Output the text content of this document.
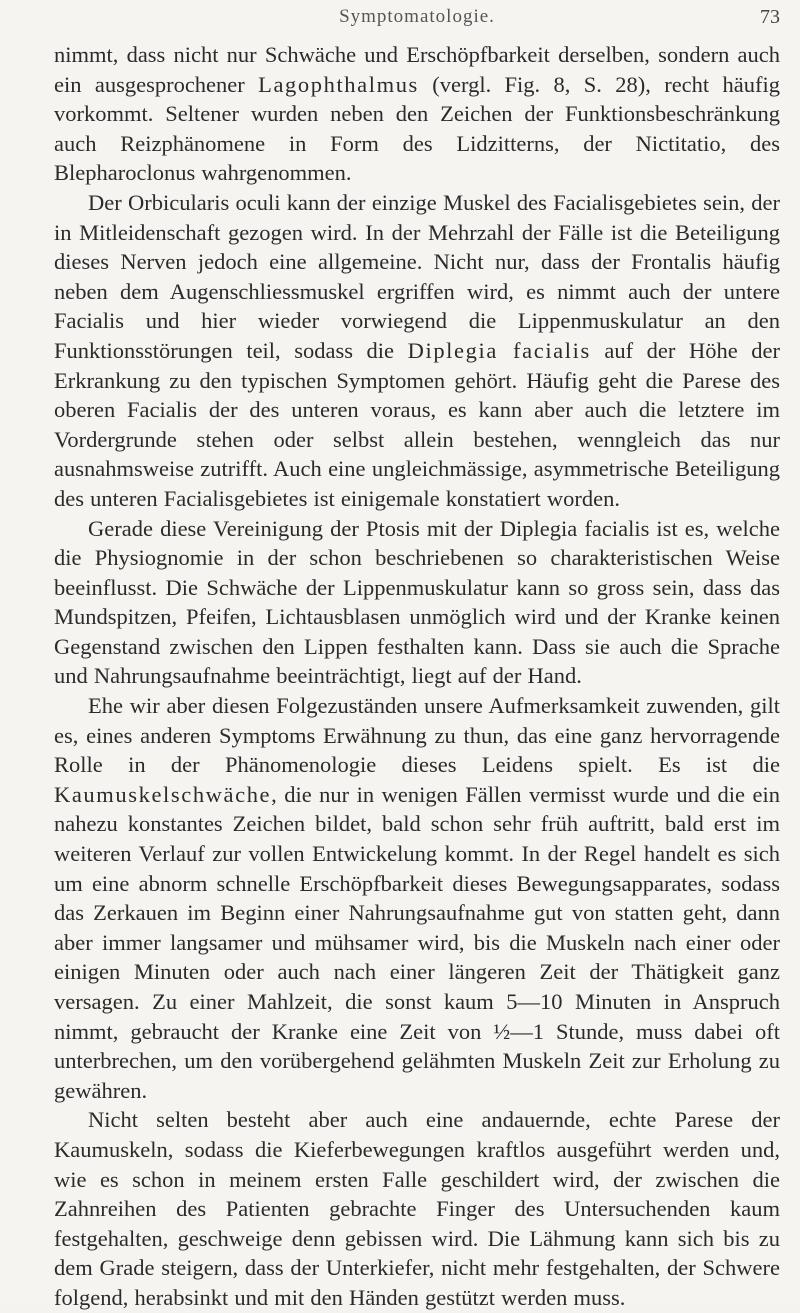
Symptomatologie.	73

nimmt, dass nicht nur Schwäche und Erschöpfbarkeit derselben, sondern auch ein ausgesprochener Lagophthalmus (vergl. Fig. 8, S. 28), recht häufig vorkommt. Seltener wurden neben den Zeichen der Funktionsbeschränkung auch Reizphänomene in Form des Lidzitterns, der Nictitatio, des Blepharoclonus wahrgenommen.

Der Orbicularis oculi kann der einzige Muskel des Facialisgebietes sein, der in Mitleidenschaft gezogen wird. In der Mehrzahl der Fälle ist die Beteiligung dieses Nerven jedoch eine allgemeine. Nicht nur, dass der Frontalis häufig neben dem Augenschliessmuskel ergriffen wird, es nimmt auch der untere Facialis und hier wieder vorwiegend die Lippenmuskulatur an den Funktionsstörungen teil, sodass die Diplegia facialis auf der Höhe der Erkrankung zu den typischen Symptomen gehört. Häufig geht die Parese des oberen Facialis der des unteren voraus, es kann aber auch die letztere im Vordergrunde stehen oder selbst allein bestehen, wenngleich das nur ausnahmsweise zutrifft. Auch eine ungleichmässige, asymmetrische Beteiligung des unteren Facialisgebietes ist einigemale konstatiert worden.

Gerade diese Vereinigung der Ptosis mit der Diplegia facialis ist es, welche die Physiognomie in der schon beschriebenen so charakteristischen Weise beeinflusst. Die Schwäche der Lippenmuskulatur kann so gross sein, dass das Mundspitzen, Pfeifen, Lichtausblasen unmöglich wird und der Kranke keinen Gegenstand zwischen den Lippen festhalten kann. Dass sie auch die Sprache und Nahrungsaufnahme beeinträchtigt, liegt auf der Hand.

Ehe wir aber diesen Folgezuständen unsere Aufmerksamkeit zuwenden, gilt es, eines anderen Symptoms Erwähnung zu thun, das eine ganz hervorragende Rolle in der Phänomenologie dieses Leidens spielt. Es ist die Kaumuskelschwäche, die nur in wenigen Fällen vermisst wurde und die ein nahezu konstantes Zeichen bildet, bald schon sehr früh auftritt, bald erst im weiteren Verlauf zur vollen Entwickelung kommt. In der Regel handelt es sich um eine abnorm schnelle Erschöpfbarkeit dieses Bewegungsapparates, sodass das Zerkauen im Beginn einer Nahrungsaufnahme gut von statten geht, dann aber immer langsamer und mühsamer wird, bis die Muskeln nach einer oder einigen Minuten oder auch nach einer längeren Zeit der Thätigkeit ganz versagen. Zu einer Mahlzeit, die sonst kaum 5—10 Minuten in Anspruch nimmt, gebraucht der Kranke eine Zeit von ½—1 Stunde, muss dabei oft unterbrechen, um den vorübergehend gelähmten Muskeln Zeit zur Erholung zu gewähren.

Nicht selten besteht aber auch eine andauernde, echte Parese der Kaumuskeln, sodass die Kieferbewegungen kraftlos ausgeführt werden und, wie es schon in meinem ersten Falle geschildert wird, der zwischen die Zahnreihen des Patienten gebrachte Finger des Untersuchenden kaum festgehalten, geschweige denn gebissen wird. Die Lähmung kann sich bis zu dem Grade steigern, dass der Unterkiefer, nicht mehr festgehalten, der Schwere folgend, herabsinkt und mit den Händen gestützt werden muss.
